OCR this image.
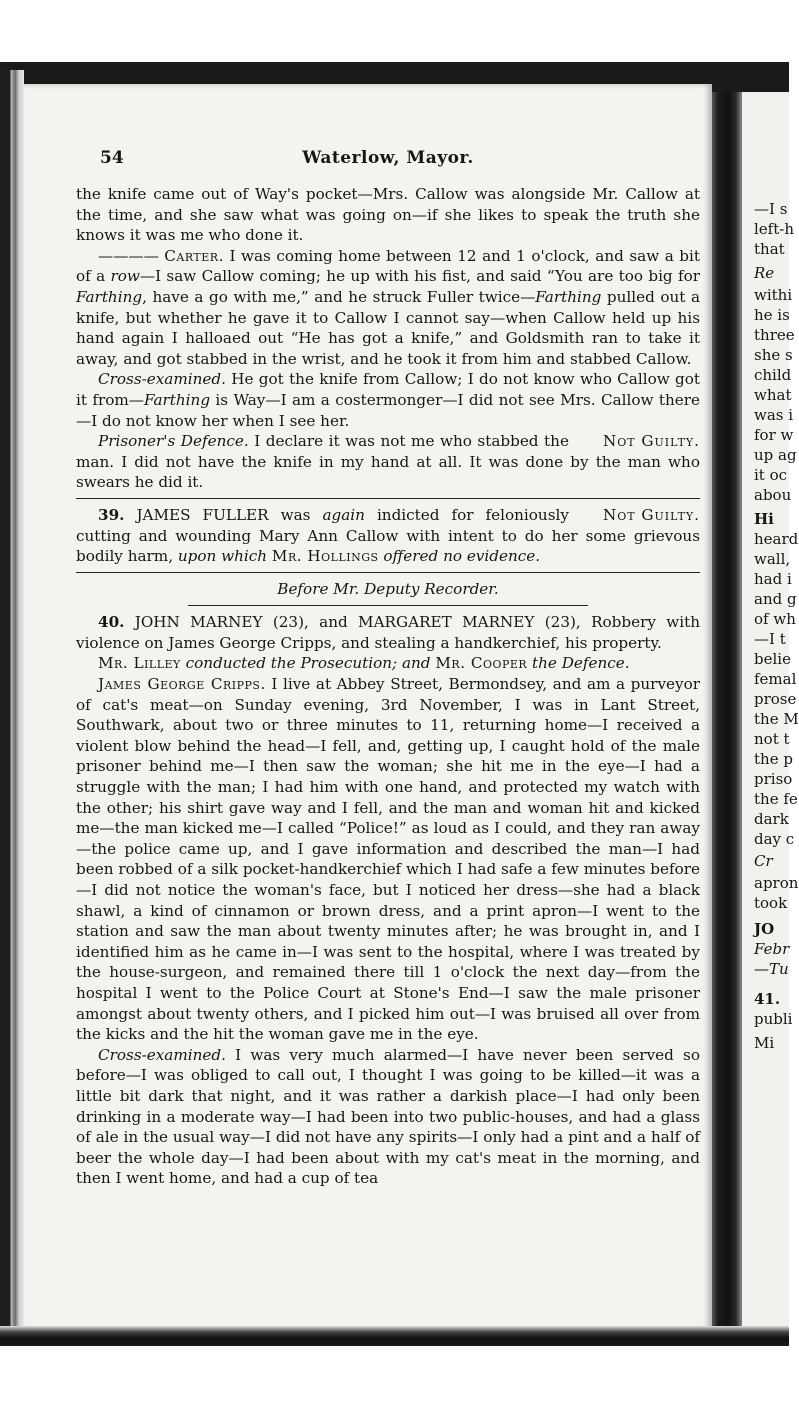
54	Waterlow, Mayor.

the knife came out of Way's pocket—Mrs. Callow was alongside Mr. Callow at the time, and she saw what was going on—if she likes to speak the truth she knows it was me who done it.

———— Carter. I was coming home between 12 and 1 o'clock, and saw a bit of a row—I saw Callow coming; he up with his fist, and said “You are too big for Farthing, have a go with me,” and he struck Fuller twice—Farthing pulled out a knife, but whether he gave it to Callow I cannot say—when Callow held up his hand again I halloaed out “He has got a knife,” and Goldsmith ran to take it away, and got stabbed in the wrist, and he took it from him and stabbed Callow.

Cross-examined. He got the knife from Callow; I do not know who Callow got it from—Farthing is Way—I am a costermonger—I did not see Mrs. Callow there—I do not know her when I see her.

Not Guilty.
Prisoner's Defence. I declare it was not me who stabbed the man. I did not have the knife in my hand at all. It was done by the man who swears he did it.

Not Guilty.
39. JAMES FULLER was again indicted for feloniously cutting and wounding Mary Ann Callow with intent to do her some grievous bodily harm, upon which Mr. Hollings offered no evidence.

Before Mr. Deputy Recorder.

40. JOHN MARNEY (23), and MARGARET MARNEY (23), Robbery with violence on James George Cripps, and stealing a handkerchief, his property.

Mr. Lilley conducted the Prosecution; and Mr. Cooper the Defence.

James George Cripps. I live at Abbey Street, Bermondsey, and am a purveyor of cat's meat—on Sunday evening, 3rd November, I was in Lant Street, Southwark, about two or three minutes to 11, returning home—I received a violent blow behind the head—I fell, and, getting up, I caught hold of the male prisoner behind me—I then saw the woman; she hit me in the eye—I had a struggle with the man; I had him with one hand, and protected my watch with the other; his shirt gave way and I fell, and the man and woman hit and kicked me—the man kicked me—I called “Police!” as loud as I could, and they ran away—the police came up, and I gave information and described the man—I had been robbed of a silk pocket-handkerchief which I had safe a few minutes before—I did not notice the woman's face, but I noticed her dress—she had a black shawl, a kind of cinnamon or brown dress, and a print apron—I went to the station and saw the man about twenty minutes after; he was brought in, and I identified him as he came in—I was sent to the hospital, where I was treated by the house-surgeon, and remained there till 1 o'clock the next day—from the hospital I went to the Police Court at Stone's End—I saw the male prisoner amongst about twenty others, and I picked him out—I was bruised all over from the kicks and the hit the woman gave me in the eye.

Cross-examined. I was very much alarmed—I have never been served so before—I was obliged to call out, I thought I was going to be killed—it was a little bit dark that night, and it was rather a darkish place—I had only been drinking in a moderate way—I had been into two public-houses, and had a glass of ale in the usual way—I did not have any spirits—I only had a pint and a half of beer the whole day—I had been about with my cat's meat in the morning, and then I went home, and had a cup of tea

—I s
left-h
that
Re
withi
he is
three
she s
child
what
was i
for w
up ag
it oc
abou
Hi
heard
wall,
had i
and g
of wh
—I t
belie
femal
prose
the M
not t
the p
priso
the fe
dark
day c
Cr
apron
took
JO
Febr
—Tu
41.
publi
Mi
